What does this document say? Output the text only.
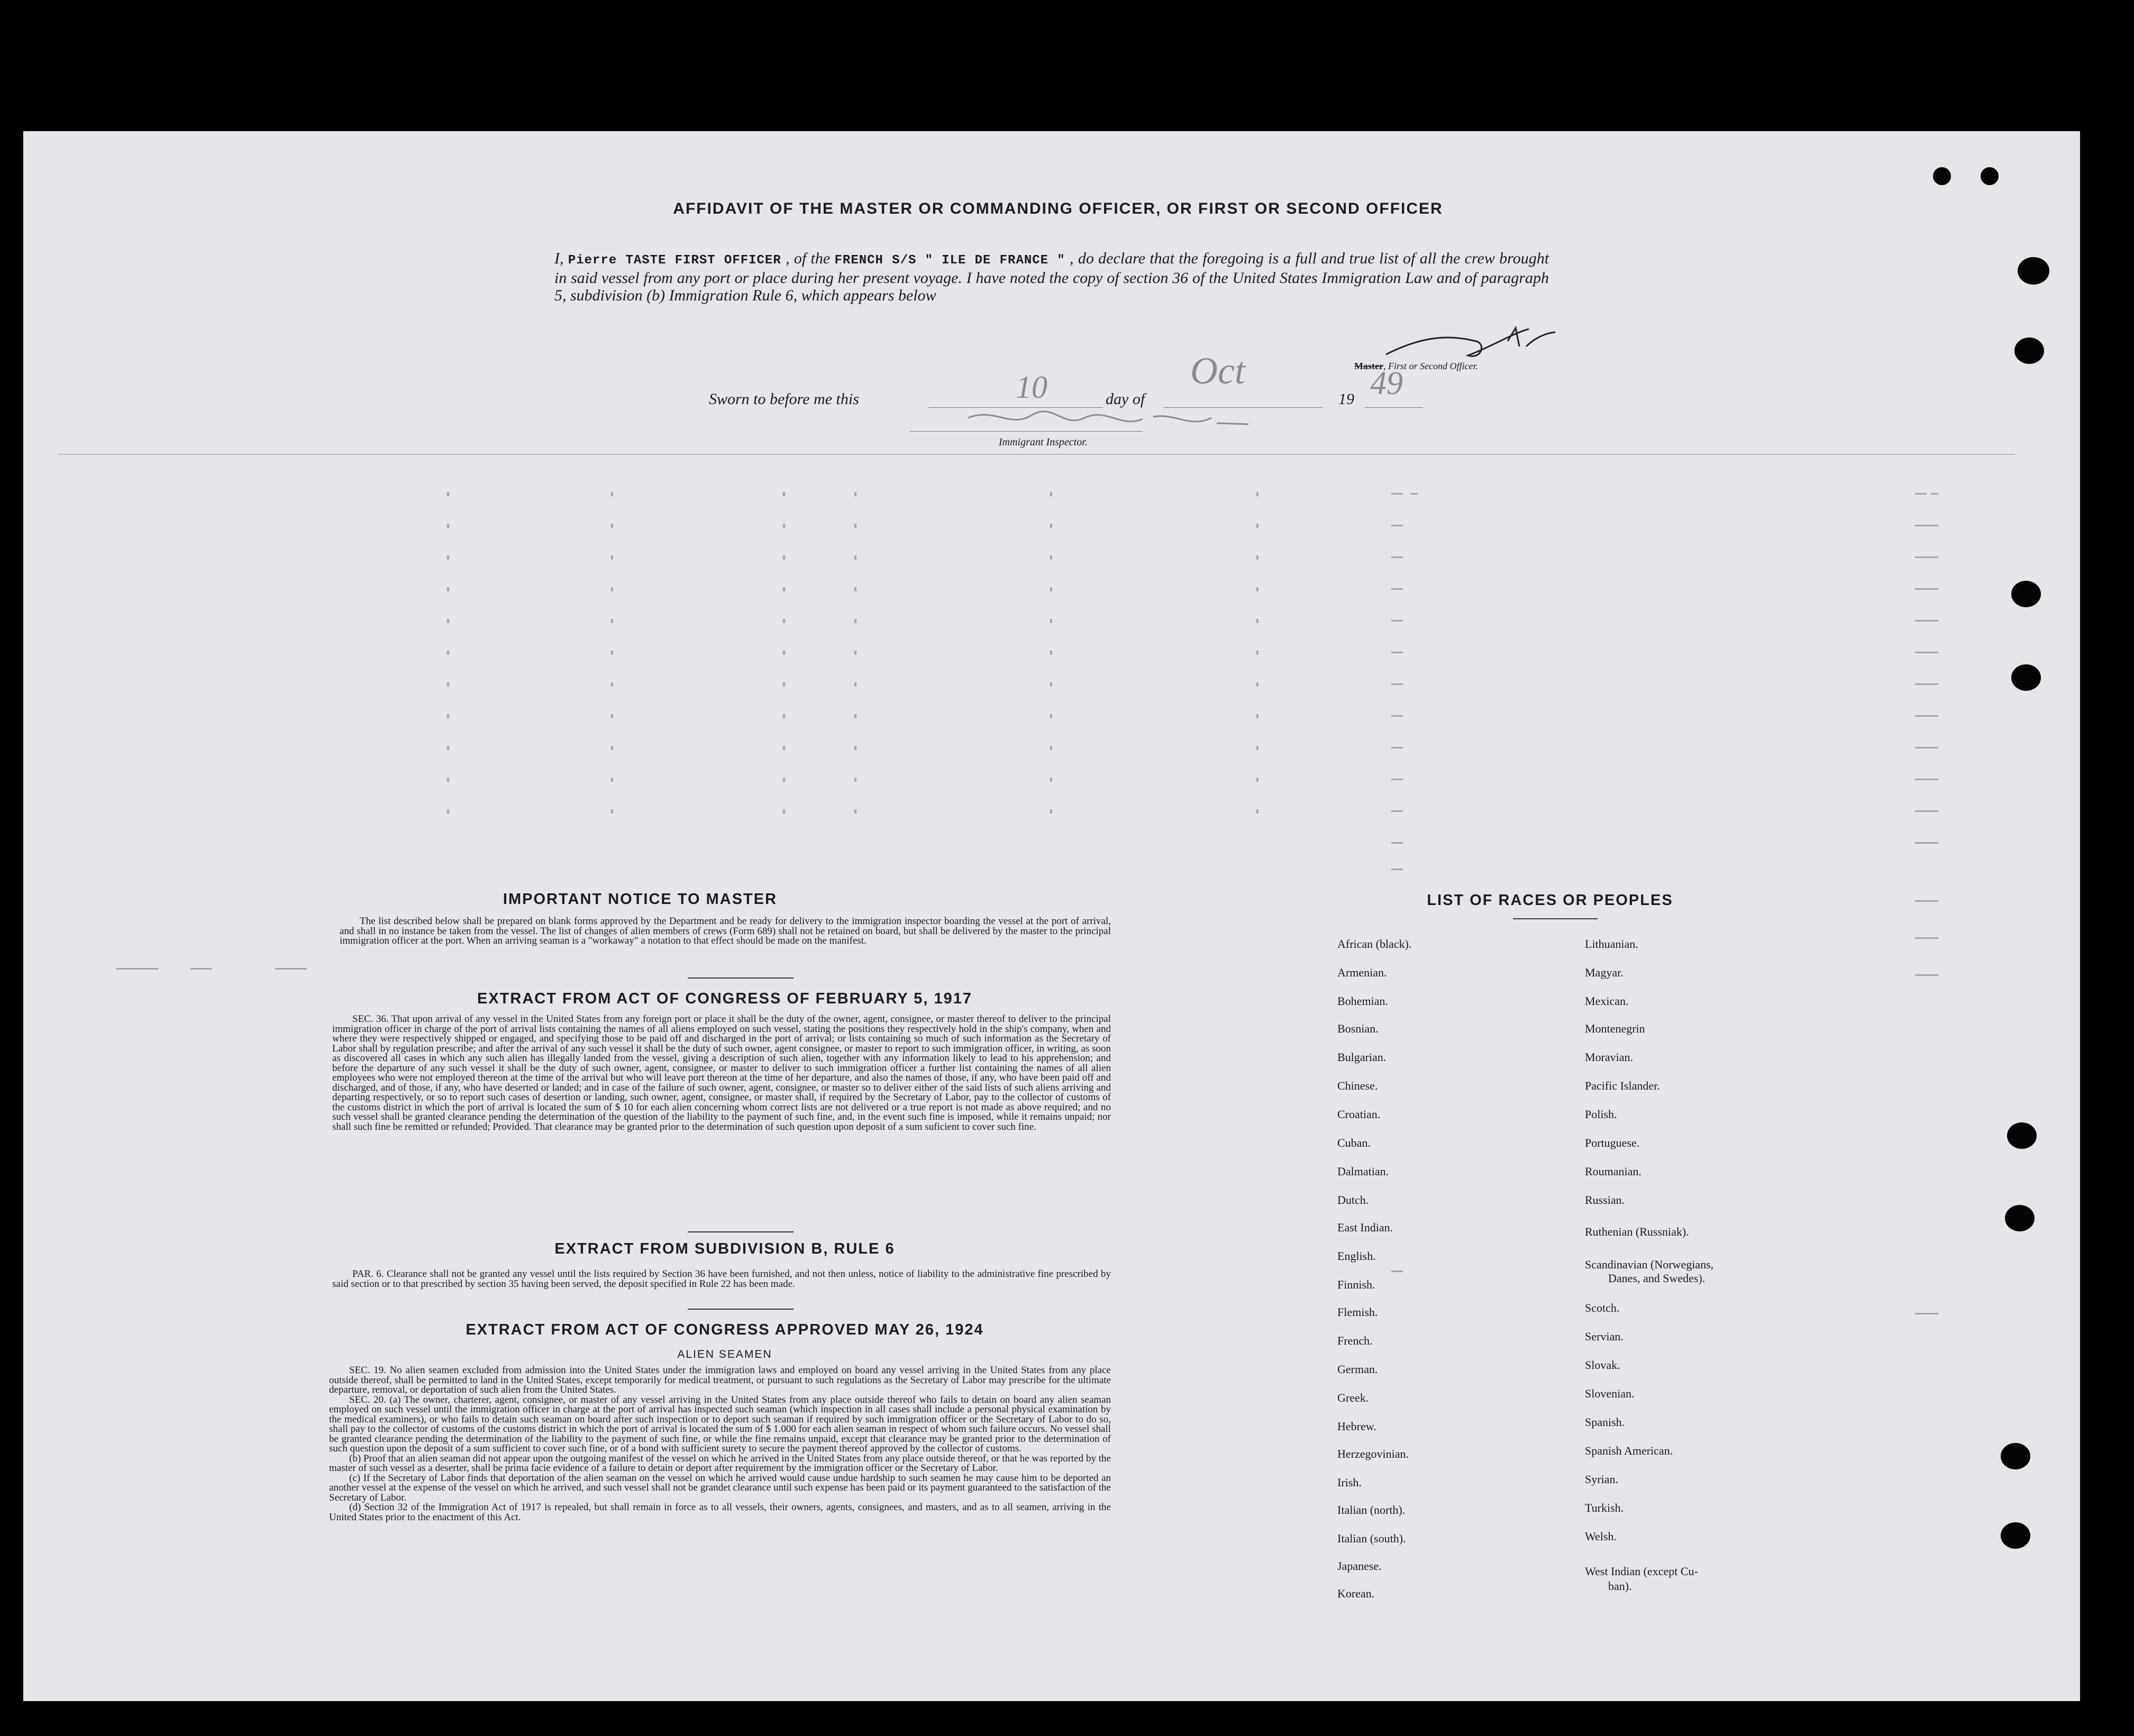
AFFIDAVIT OF THE MASTER OR COMMANDING OFFICER, OR FIRST OR SECOND OFFICER
I, Pierre TASTE FIRST OFFICER , of the FRENCH S/S " ILE DE FRANCE " , do declare that the foregoing is a full and true list of all the crew brought in said vessel from any port or place during her present voyage. I have noted the copy of section 36 of the United States Immigration Law and of paragraph 5, subdivision (b) Immigration Rule 6, which appears below
Master, First or Second Officer.
Sworn to before me this	day of	19
10	Oct	49
Immigrant Inspector.
IMPORTANT NOTICE TO MASTER

The list described below shall be prepared on blank forms approved by the Department and be ready for delivery to the immigration inspector boarding the vessel at the port of arrival, and shall in no instance be taken from the vessel. The list of changes of alien members of crews (Form 689) shall not be retained on board, but shall be delivered by the master to the principal immigration officer at the port. When an arriving seaman is a "workaway" a notation to that effect should be made on the manifest.

EXTRACT FROM ACT OF CONGRESS OF FEBRUARY 5, 1917

SEC. 36. That upon arrival of any vessel in the United States from any foreign port or place it shall be the duty of the owner, agent, consignee, or master thereof to deliver to the principal immigration officer in charge of the port of arrival lists containing the names of all aliens employed on such vessel, stating the positions they respectively hold in the ship's company, when and where they were respectively shipped or engaged, and specifying those to be paid off and discharged in the port of arrival; or lists containing so much of such information as the Secretary of Labor shall by regulation prescribe; and after the arrival of any such vessel it shall be the duty of such owner, agent consignee, or master to report to such immigration officer, in writing, as soon as discovered all cases in which any such alien has illegally landed from the vessel, giving a description of such alien, together with any information likely to lead to his apprehension; and before the departure of any such vessel it shall be the duty of such owner, agent, consignee, or master to deliver to such immigration officer a further list containing the names of all alien employees who were not employed thereon at the time of the arrival but who will leave port thereon at the time of her departure, and also the names of those, if any, who have been paid off and discharged, and of those, if any, who have deserted or landed; and in case of the failure of such owner, agent, consignee, or master so to deliver either of the said lists of such aliens arriving and departing respectively, or so to report such cases of desertion or landing, such owner, agent, consignee, or master shall, if required by the Secretary of Labor, pay to the collector of customs of the customs district in which the port of arrival is located the sum of $ 10 for each alien concerning whom correct lists are not delivered or a true report is not made as above required; and no such vessel shall be granted clearance pending the determination of the question of the liability to the payment of such fine, and, in the event such fine is imposed, while it remains unpaid; nor shall such fine be remitted or refunded; Provided. That clearance may be granted prior to the determination of such question upon deposit of a sum suficient to cover such fine.

EXTRACT FROM SUBDIVISION B, RULE 6

PAR. 6. Clearance shall not be granted any vessel until the lists required by Section 36 have been furnished, and not then unless, notice of liability to the administrative fine prescribed by said section or to that prescribed by section 35 having been served, the deposit specified in Rule 22 has been made.

EXTRACT FROM ACT OF CONGRESS APPROVED MAY 26, 1924
ALIEN SEAMEN

SEC. 19. No alien seamen excluded from admission into the United States under the immigration laws and employed on board any vessel arriving in the United States from any place outside thereof, shall be permitted to land in the United States, except temporarily for medical treatment, or pursuant to such regulations as the Secretary of Labor may prescribe for the ultimate departure, removal, or deportation of such alien from the United States.

SEC. 20. (a) The owner, charterer, agent, consignee, or master of any vessel arriving in the United States from any place outside thereof who fails to detain on board any alien seaman employed on such vessel until the immigration officer in charge at the port of arrival has inspected such seaman (which inspection in all cases shall include a personal physical examination by the medical examiners), or who fails to detain such seaman on board after such inspection or to deport such seaman if required by such immigration officer or the Secretary of Labor to do so, shall pay to the collector of customs of the customs district in which the port of arrival is located the sum of $ 1.000 for each alien seaman in respect of whom such failure occurs. No vessel shall be granted clearance pending the determination of the liability to the payment of such fine, or while the fine remains unpaid, except that clearance may be granted prior to the determination of such question upon the deposit of a sum sufficient to cover such fine, or of a bond with sufficient surety to secure the payment thereof approved by the collector of customs.

(b) Proof that an alien seaman did not appear upon the outgoing manifest of the vessel on which he arrived in the United States from any place outside thereof, or that he was reported by the master of such vessel as a deserter, shall be prima facie evidence of a failure to detain or deport after requirement by the immigration officer or the Secretary of Labor.

(c) If the Secretary of Labor finds that deportation of the alien seaman on the vessel on which he arrived would cause undue hardship to such seamen he may cause him to be deported an another vessel at the expense of the vessel on which he arrived, and such vessel shall not be grandet clearance until such expense has been paid or its payment guaranteed to the satisfaction of the Secretary of Labor.

(d) Section 32 of the Immigration Act of 1917 is repealed, but shall remain in force as to all vessels, their owners, agents, consignees, and masters, and as to all seamen, arriving in the United States prior to the enactment of this Act.

LIST OF RACES OR PEOPLES
African (black).
Armenian.
Bohemian.
Bosnian.
Bulgarian.
Chinese.
Croatian.
Cuban.
Dalmatian.
Dutch.
East Indian.
English.
Finnish.
Flemish.
French.
German.
Greek.
Hebrew.
Herzegovinian.
Irish.
Italian (north).
Italian (south).
Japanese.
Korean.
Lithuanian.
Magyar.
Mexican.
Montenegrin
Moravian.
Pacific Islander.
Polish.
Portuguese.
Roumanian.
Russian.
Ruthenian (Russniak).
Scandinavian (Norwegians,
Danes, and Swedes).
Scotch.
Servian.
Slovak.
Slovenian.
Spanish.
Spanish American.
Syrian.
Turkish.
Welsh.
West Indian (except Cu-
ban).
